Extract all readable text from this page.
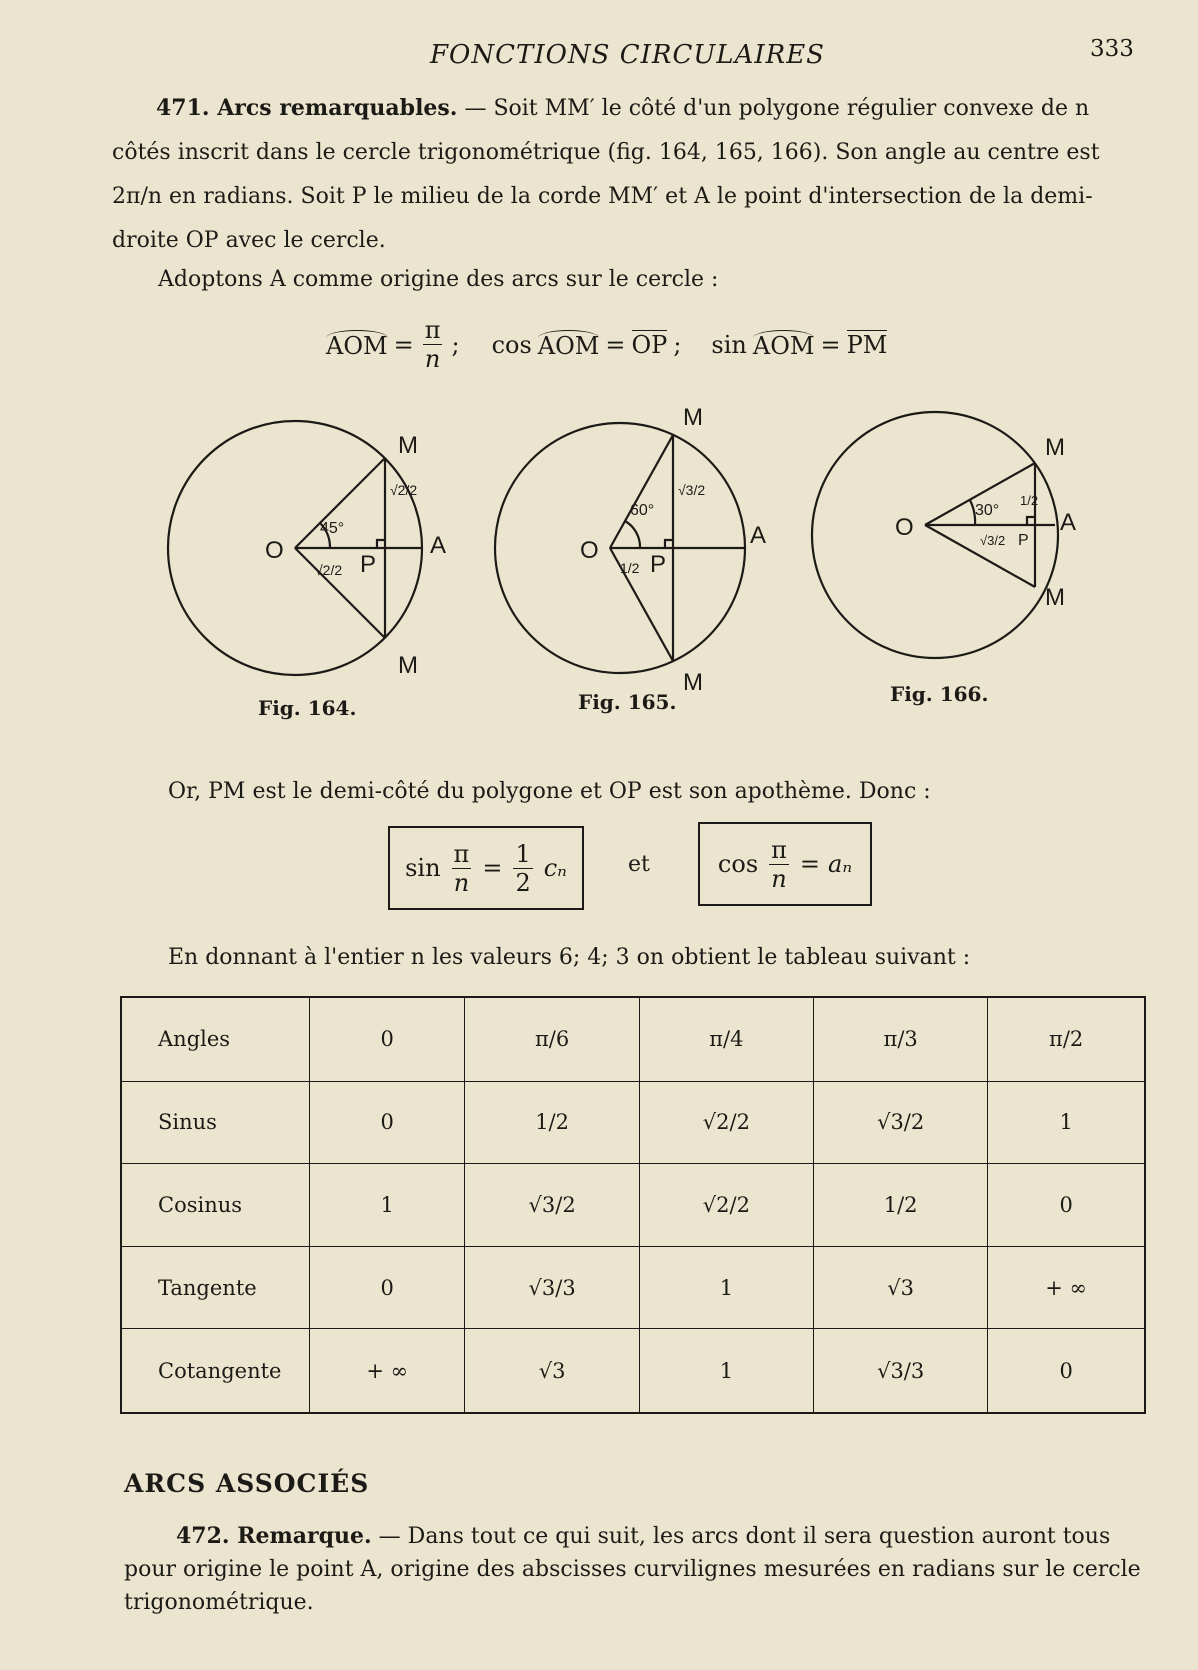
FONCTIONS CIRCULAIRES	333
471. Arcs remarquables. — Soit MM′ le côté d'un polygone régulier convexe de n côtés inscrit dans le cercle trigonométrique (fig. 164, 165, 166). Son angle au centre est 2π/n en radians. Soit P le milieu de la corde MM′ et A le point d'intersection de la demi-droite OP avec le cercle.
Adoptons A comme origine des arcs sur le cercle :
AOM = $\frac{\pi}{n}$ ; cos AOM = OP ; sin AOM = PM
O
M
M
P
A
45°
√2/2
√2/2
O
M
M
P
A
60°
√3/2
1/2
O
M
M
P
A
30°
1/2
√3/2
Fig. 164.	Fig. 165.	Fig. 166.
Or, PM est le demi-côté du polygone et OP est son apothème. Donc :
$\sin \frac{\pi}{n} = \frac{1}{2}$ cₙ	et	$\cos \frac{\pi}{n} = a_n$
En donnant à l'entier n les valeurs 6; 4; 3 on obtient le tableau suivant :
Angles	0	π/6	π/4	π/3	π/2
Sinus	0	1/2	√2/2	√3/2	1
Cosinus	1	√3/2	√2/2	1/2	0
Tangente	0	√3/3	1	√3	+ ∞
Cotangente	+ ∞	√3	1	√3/3	0
ARCS ASSOCIÉS
472. Remarque. — Dans tout ce qui suit, les arcs dont il sera question auront tous pour origine le point A, origine des abscisses curvilignes mesurées en radians sur le cercle trigonométrique.
